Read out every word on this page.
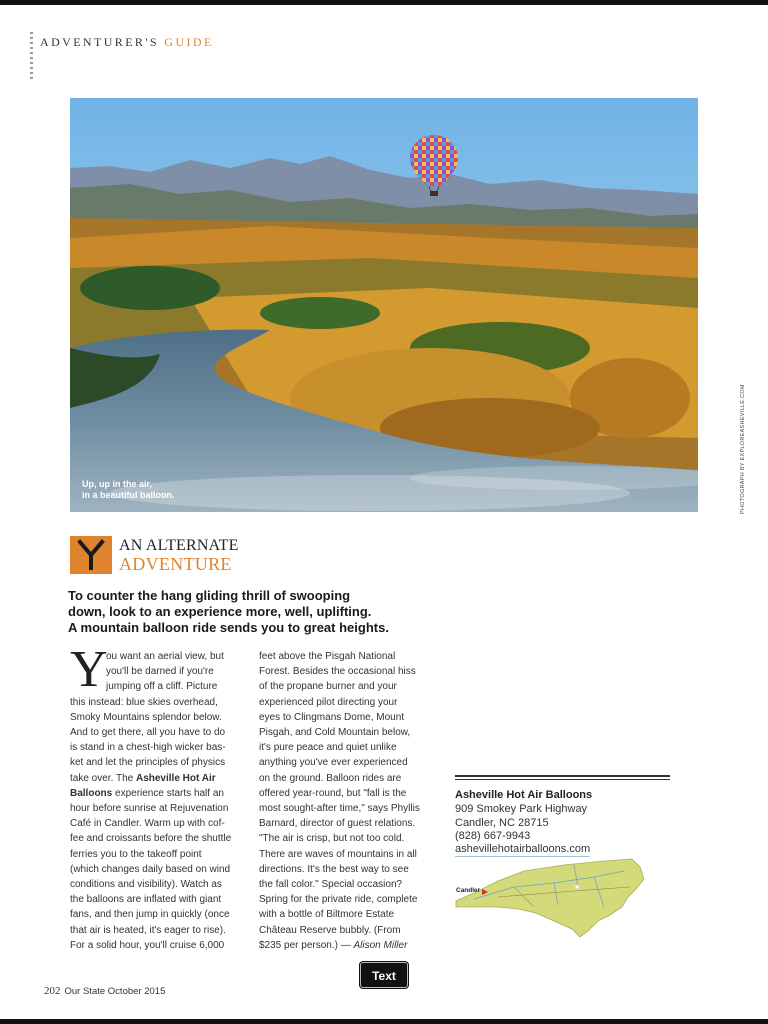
ADVENTURER'S GUIDE
Up, up in the air,
in a beautiful balloon.	PHOTOGRAPH BY EXPLOREASHEVILLE.COM
AN ALTERNATE
ADVENTURE
To counter the hang gliding thrill of swooping
down, look to an experience more, well, uplifting.
A mountain balloon ride sends you to great heights.
Y
ou want an aerial view, but
you'll be darned if you're
jumping off a cliff. Picture
this instead: blue skies overhead,
Smoky Mountains splendor below.
And to get there, all you have to do
is stand in a chest-high wicker bas-
ket and let the principles of physics
take over. The Asheville Hot Air
Balloons experience starts half an
hour before sunrise at Rejuvenation
Café in Candler. Warm up with cof-
fee and croissants before the shuttle
ferries you to the takeoff point
(which changes daily based on wind
conditions and visibility). Watch as
the balloons are inflated with giant
fans, and then jump in quickly (once
that air is heated, it's eager to rise).
For a solid hour, you'll cruise 6,000
feet above the Pisgah National
Forest. Besides the occasional hiss
of the propane burner and your
experienced pilot directing your
eyes to Clingmans Dome, Mount
Pisgah, and Cold Mountain below,
it's pure peace and quiet unlike
anything you've ever experienced
on the ground. Balloon rides are
offered year-round, but "fall is the
most sought-after time," says Phyllis
Barnard, director of guest relations.
"The air is crisp, but not too cold.
There are waves of mountains in all
directions. It's the best way to see
the fall color." Special occasion?
Spring for the private ride, complete
with a bottle of Biltmore Estate
Château Reserve bubbly. (From
$235 per person.) — Alison Miller
Asheville Hot Air Balloons
909 Smokey Park Highway
Candler, NC 28715
(828) 667-9943
ashevillehotairballoons.com
★
Candler
Text
202 Our State October 2015
